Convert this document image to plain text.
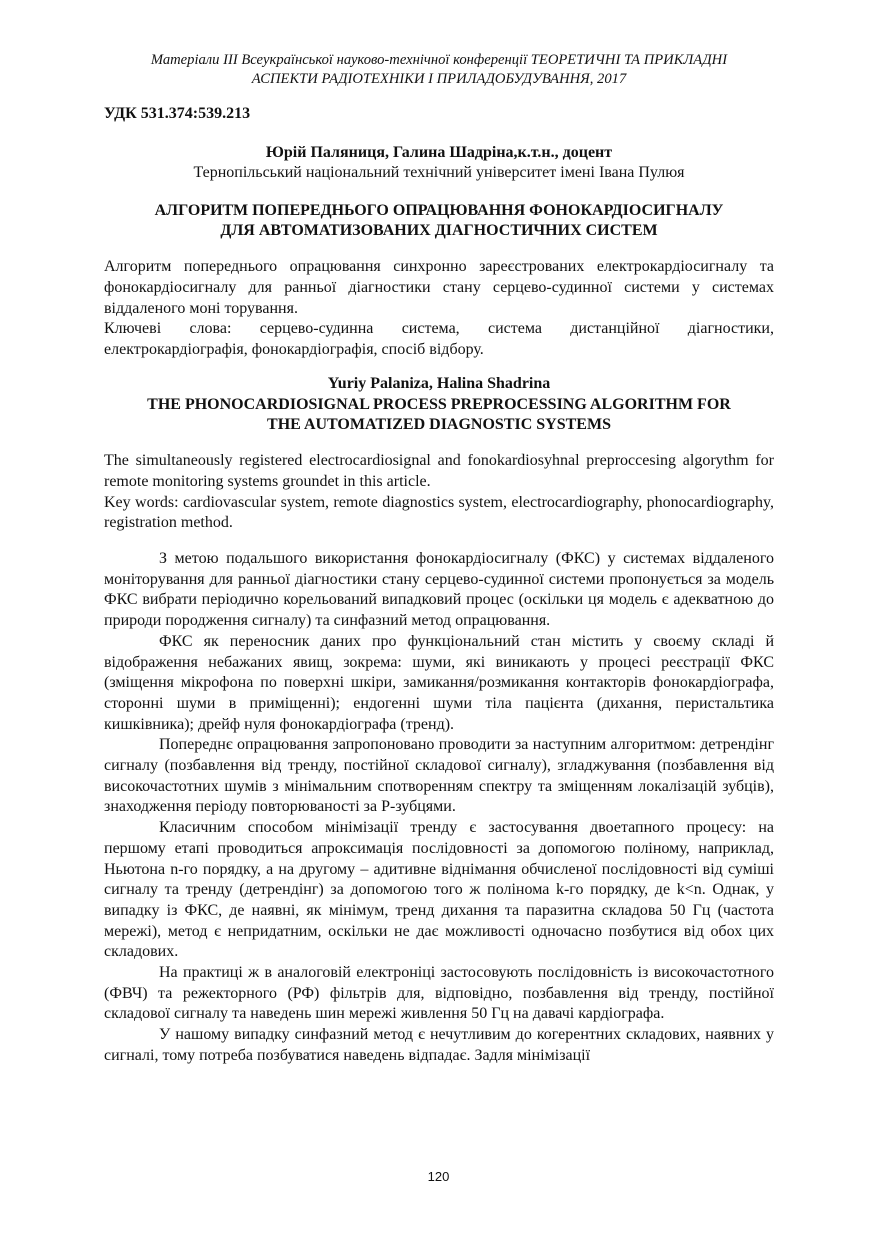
Матеріали ІІІ Всеукраїнської науково-технічної конференції ТЕОРЕТИЧНІ ТА ПРИКЛАДНІ
АСПЕКТИ РАДІОТЕХНІКИ І ПРИЛАДОБУДУВАННЯ, 2017
УДК 531.374:539.213
Юрій Паляниця, Галина Шадріна,к.т.н., доцент
Тернопільський національний технічний університет імені Івана Пулюя
АЛГОРИТМ ПОПЕРЕДНЬОГО ОПРАЦЮВАННЯ ФОНОКАРДІОСИГНАЛУ
ДЛЯ АВТОМАТИЗОВАНИХ ДІАГНОСТИЧНИХ СИСТЕМ

Алгоритм попереднього опрацювання синхронно зареєстрованих електрокардіосигналу та фонокардіосигналу для ранньої діагностики стану серцево-судинної системи у системах віддаленого моні торування.

Ключеві слова: серцево-судинна система, система дистанційної діагностики, електрокардіографія, фонокардіографія, спосіб відбору.

Yuriy Palaniza, Halina Shadrina
THE PHONOCARDIOSIGNAL PROCESS PREPROCESSING ALGORITHM FOR
THE AUTOMATIZED DIAGNOSTIC SYSTEMS

The simultaneously registered electrocardiosignal and fonokardiosyhnal preproccesing algorythm for remote monitoring systems groundet in this article.

Key words: cardiovascular system, remote diagnostics system, electrocardiography, phonocardiography, registration method.

З метою подальшого використання фонокардіосигналу (ФКС) у системах віддаленого моніторування для ранньої діагностики стану серцево-судинної системи пропонується за модель ФКС вибрати періодично корельований випадковий процес (оскільки ця модель є адекватною до природи породження сигналу) та синфазний метод опрацювання.

ФКС як переносник даних про функціональний стан містить у своєму складі й відображення небажаних явищ, зокрема: шуми, які виникають у процесі реєстрації ФКС (зміщення мікрофона по поверхні шкіри, замикання/розмикання контакторів фонокардіографа, сторонні шуми в приміщенні); ендогенні шуми тіла пацієнта (дихання, перистальтика кишківника); дрейф нуля фонокардіографа (тренд).

Попереднє опрацювання запропоновано проводити за наступним алгоритмом: детрендінг сигналу (позбавлення від тренду, постійної складової сигналу), згладжування (позбавлення від високочастотних шумів з мінімальним спотворенням спектру та зміщенням локалізацій зубців), знаходження періоду повторюваності за Р-зубцями.

Класичним способом мінімізації тренду є застосування двоетапного процесу: на першому етапі проводиться апроксимація послідовності за допомогою поліному, наприклад, Ньютона n-го порядку, а на другому – адитивне віднімання обчисленої послідовності від суміші сигналу та тренду (детрендінг) за допомогою того ж полінома k-го порядку, де k<n. Однак, у випадку із ФКС, де наявні, як мінімум, тренд дихання та паразитна складова 50 Гц (частота мережі), метод є непридатним, оскільки не дає можливості одночасно позбутися від обох цих складових.

На практиці ж в аналоговій електроніці застосовують послідовність із високочастотного (ФВЧ) та режекторного (РФ) фільтрів для, відповідно, позбавлення від тренду, постійної складової сигналу та наведень шин мережі живлення 50 Гц на давачі кардіографа.

У нашому випадку синфазний метод є нечутливим до когерентних складових, наявних у сигналі, тому потреба позбуватися наведень відпадає. Задля мінімізації

120
